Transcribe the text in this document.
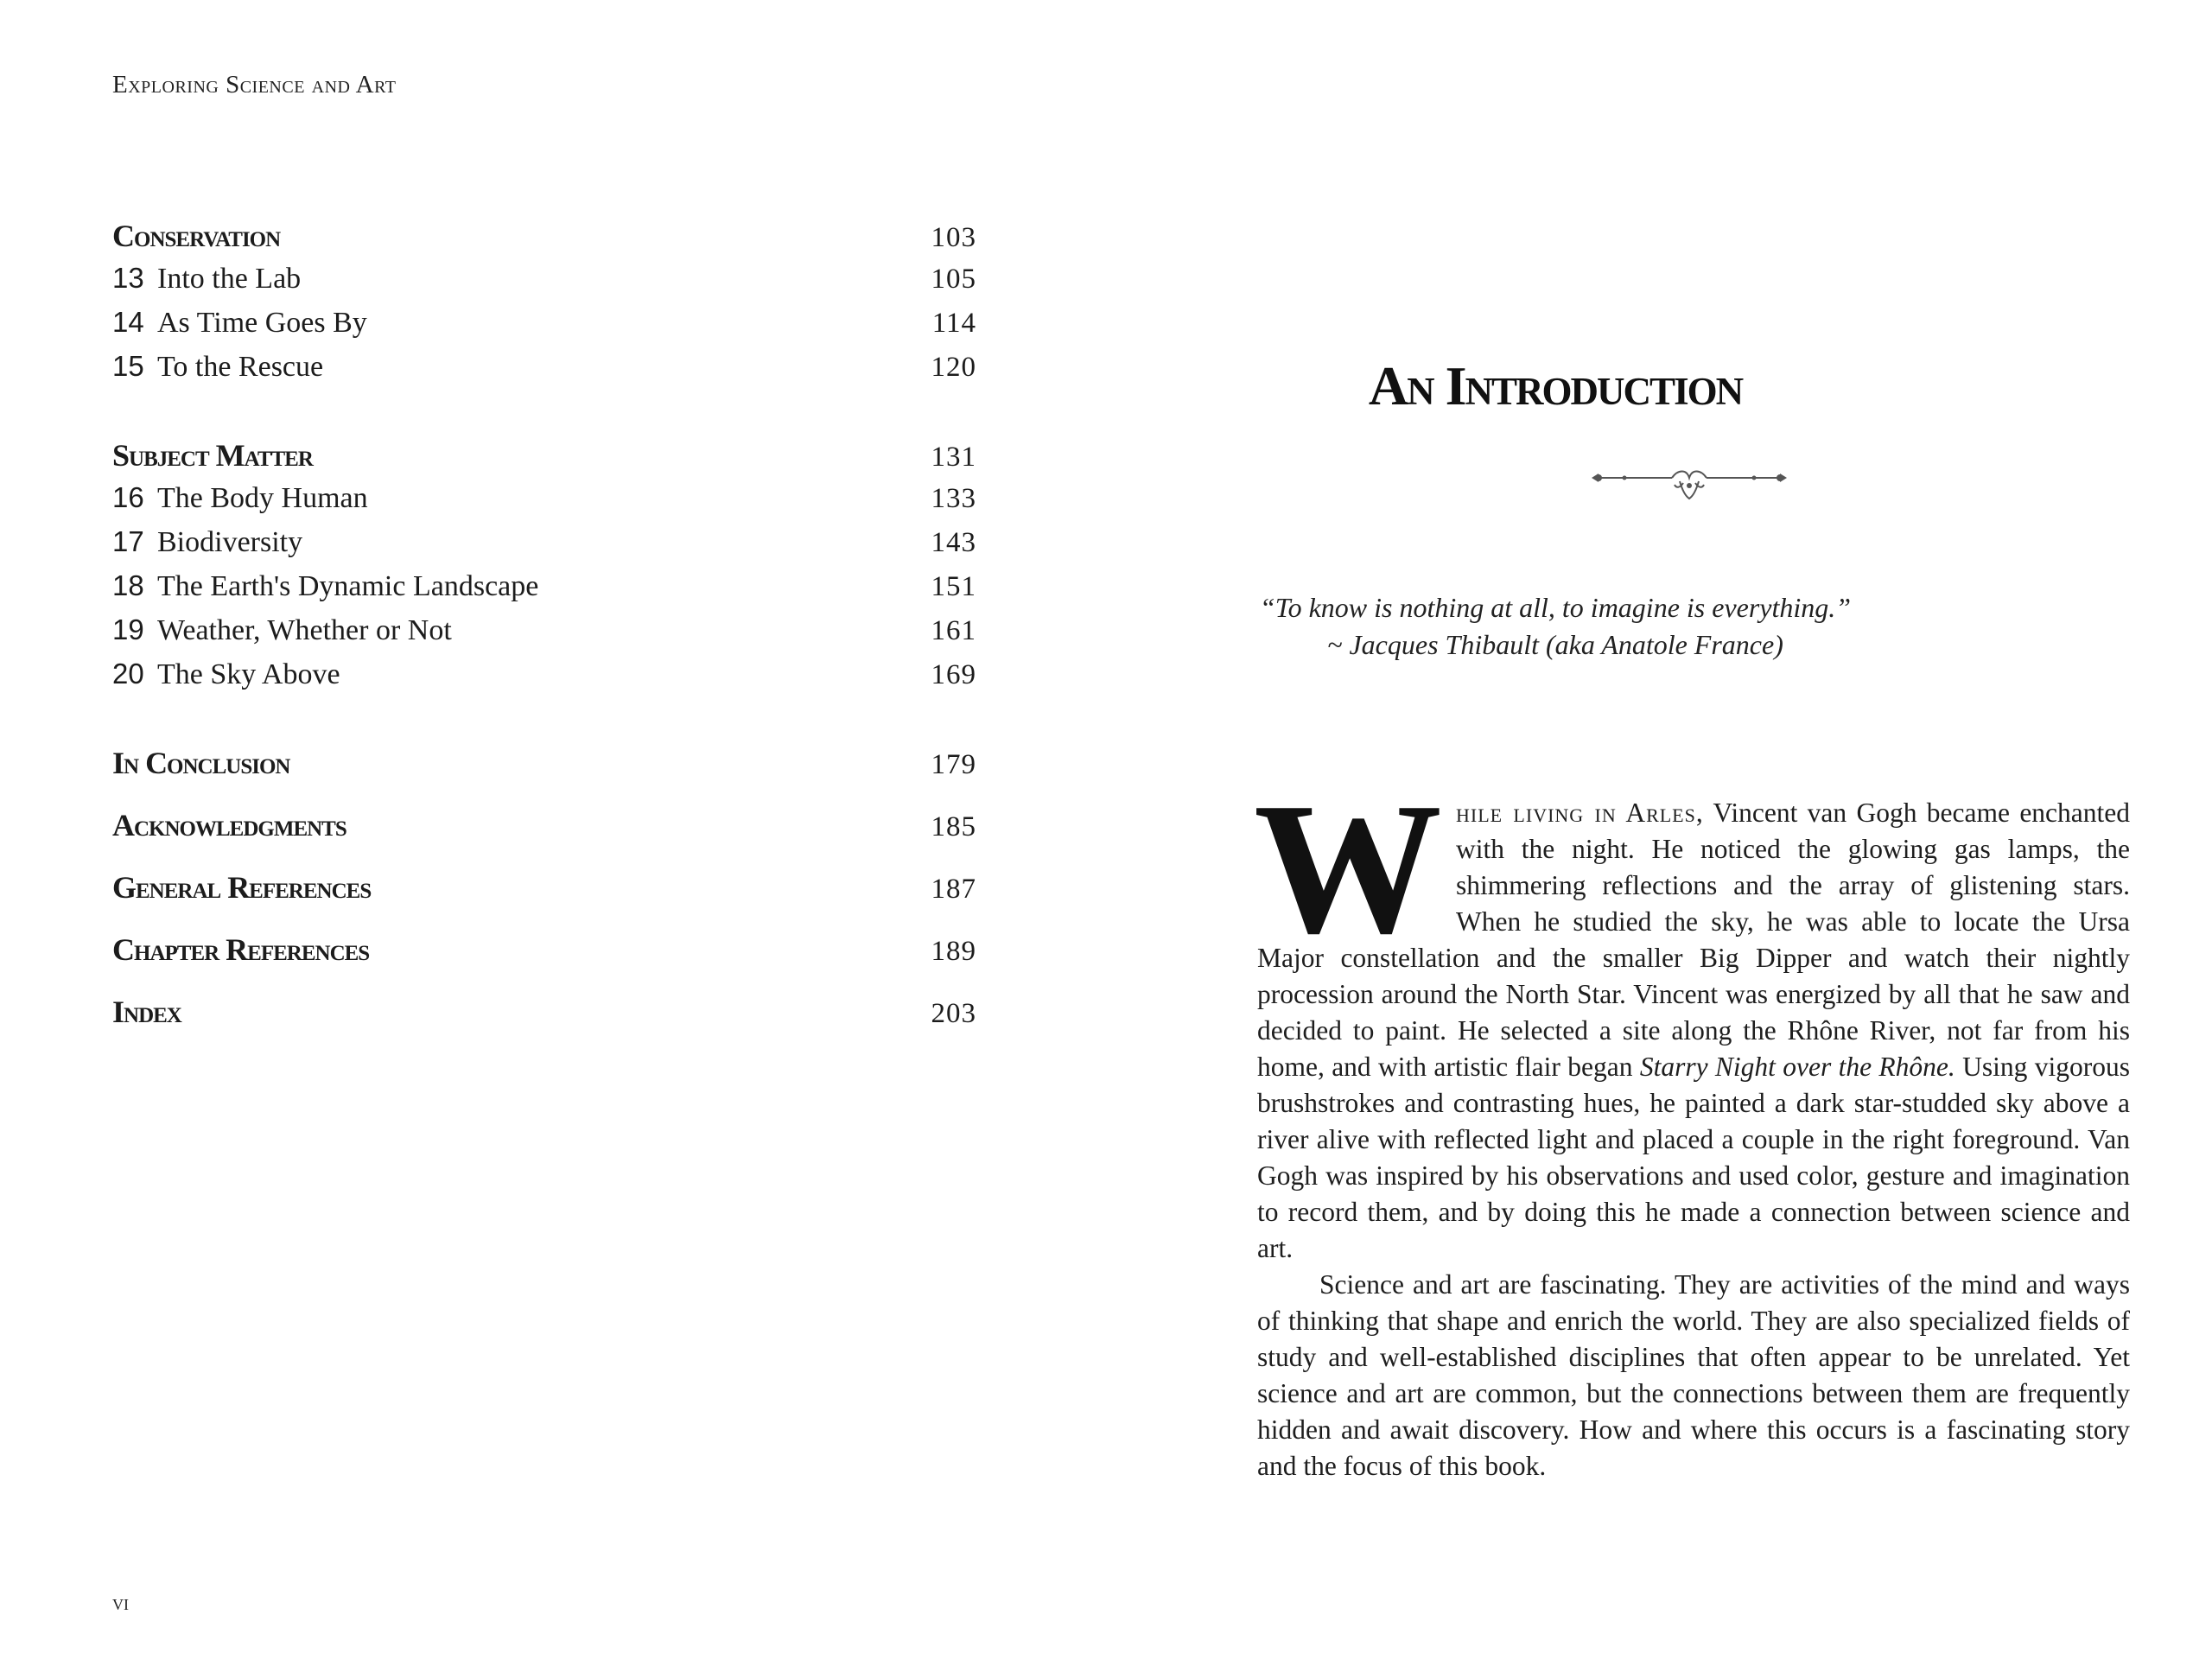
Exploring Science and Art
Conservation	103
13 Into the Lab	105
14 As Time Goes By	114
15 To the Rescue	120
Subject Matter	131
16 The Body Human	133
17 Biodiversity	143
18 The Earth's Dynamic Landscape	151
19 Weather, Whether or Not	161
20 The Sky Above	169
In Conclusion	179
Acknowledgments	185
General References	187
Chapter References	189
Index	203
vi
An Introduction
“To know is nothing at all, to imagine is everything.”
~ Jacques Thibault (aka Anatole France)

While living in Arles, Vincent van Gogh became enchanted with the night. He noticed the glowing gas lamps, the shimmering reflections and the array of glistening stars. When he studied the sky, he was able to locate the Ursa Major constellation and the smaller Big Dipper and watch their nightly procession around the North Star. Vincent was energized by all that he saw and decided to paint. He selected a site along the Rhône River, not far from his home, and with artistic flair began Starry Night over the Rhône. Using vigorous brushstrokes and contrasting hues, he painted a dark star-studded sky above a river alive with reflected light and placed a couple in the right foreground. Van Gogh was inspired by his observations and used color, gesture and imagination to record them, and by doing this he made a connection between science and art.

Science and art are fascinating. They are activities of the mind and ways of thinking that shape and enrich the world. They are also specialized fields of study and well-established disciplines that often appear to be unrelated. Yet science and art are common, but the connections between them are frequently hidden and await discovery. How and where this occurs is a fascinating story and the focus of this book.
